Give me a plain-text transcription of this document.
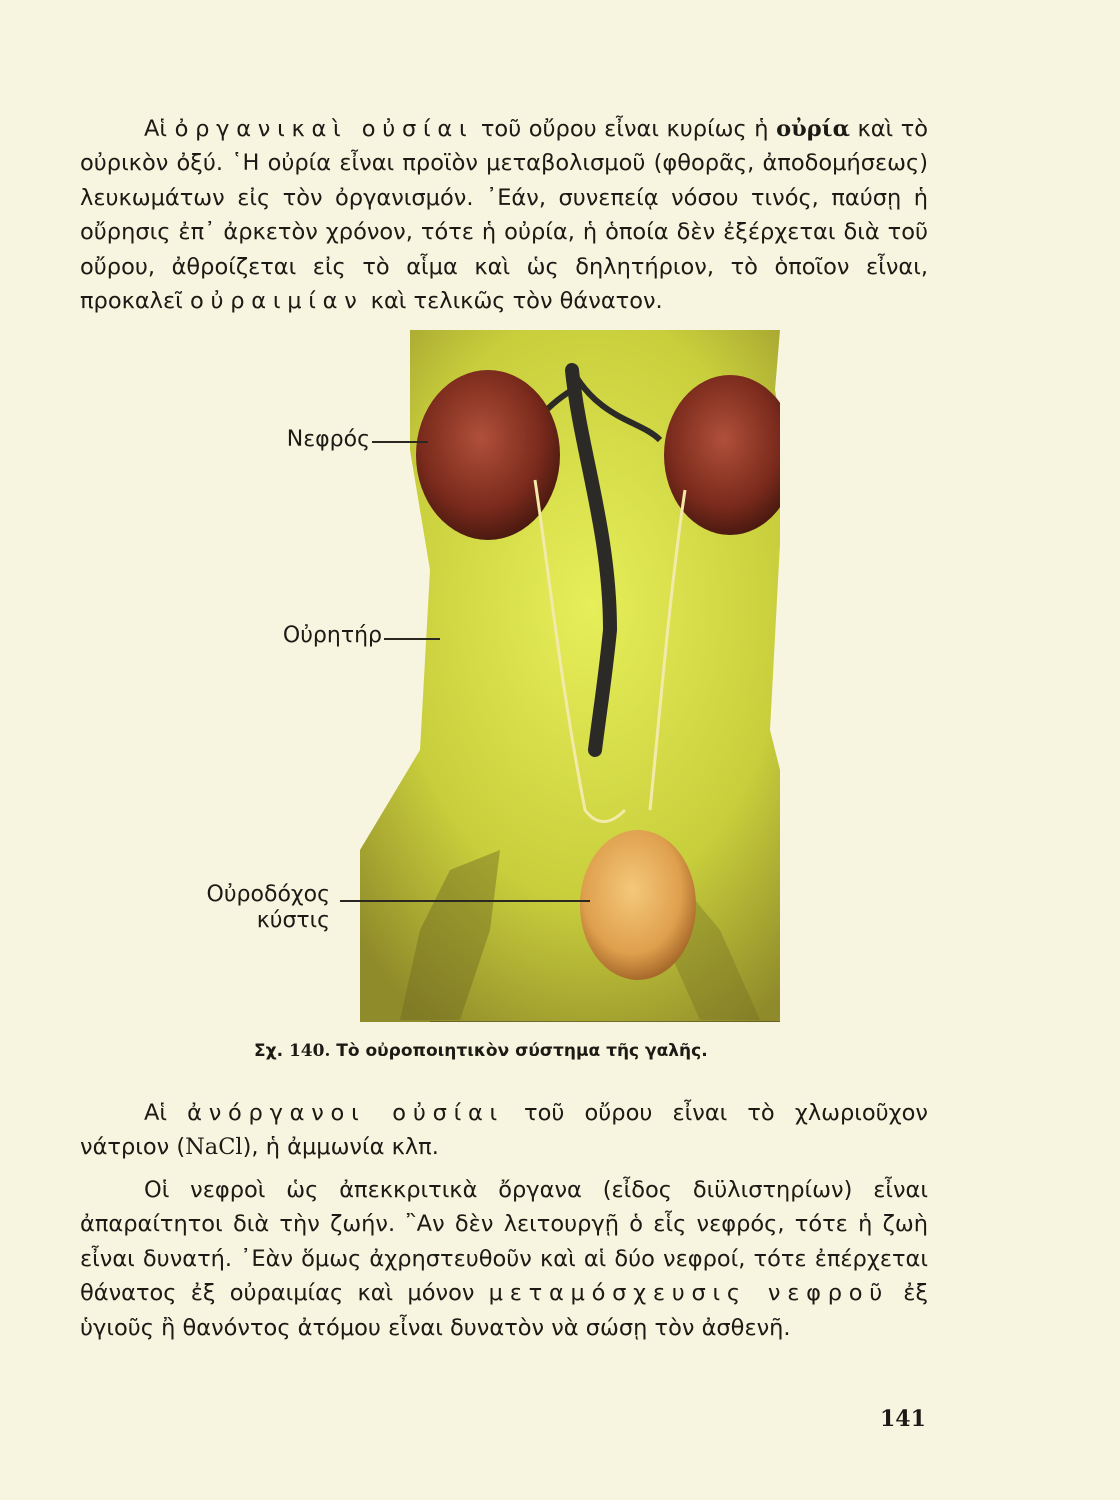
Αἱ ὀργανικαὶ οὐσίαι τοῦ οὔρου εἶναι κυρίως ἡ οὐρία καὶ τὸ οὐρικὸν ὀξύ. ῾Η οὐρία εἶναι προϊὸν μεταβολισμοῦ (φθορᾶς, ἀποδομήσεως) λευκωμάτων εἰς τὸν ὀργανισμόν. ᾿Εάν, συνεπείᾳ νόσου τινός, παύσῃ ἡ οὔρησις ἐπ᾿ ἀρκετὸν χρόνον, τότε ἡ οὐρία, ἡ ὁποία δὲν ἐξέρχεται διὰ τοῦ οὔρου, ἀθροίζεται εἰς τὸ αἷμα καὶ ὡς δηλητήριον, τὸ ὁποῖον εἶναι, προκαλεῖ οὐραιμίαν καὶ τελικῶς τὸν θάνατον.

Νεφρός
Οὐρητήρ
Οὐροδόχος
κύστις
Σχ. 140. Τὸ οὐροποιητικὸν σύστημα τῆς γαλῆς.

Αἱ ἀνόργανοι οὐσίαι τοῦ οὔρου εἶναι τὸ χλωριοῦχον νάτριον (NaCl), ἡ ἀμμωνία κλπ.

Οἱ νεφροὶ ὡς ἀπεκκριτικὰ ὄργανα (εἶδος διϋλιστηρίων) εἶναι ἀπαραίτητοι διὰ τὴν ζωήν. ῍Αν δὲν λειτουργῇ ὁ εἷς νεφρός, τότε ἡ ζωὴ εἶναι δυνατή. ᾿Εὰν ὅμως ἀχρηστευθοῦν καὶ αἱ δύο νεφροί, τότε ἐπέρχεται θάνατος ἐξ οὐραιμίας καὶ μόνον μεταμόσχευσις νεφροῦ ἐξ ὑγιοῦς ἢ θανόντος ἀτόμου εἶναι δυνατὸν νὰ σώσῃ τὸν ἀσθενῆ.

141
